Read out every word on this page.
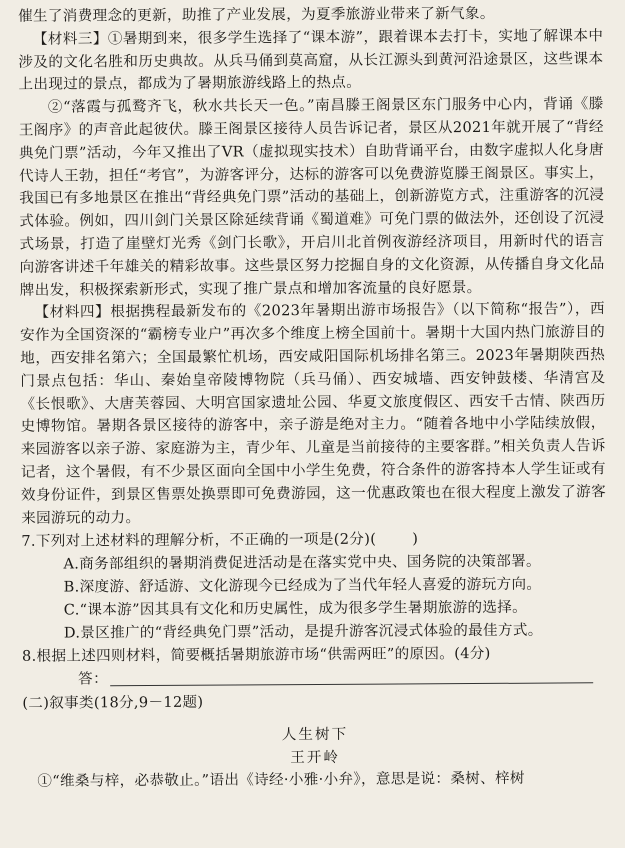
催生了消费理念的更新，助推了产业发展，为夏季旅游业带来了新气象。

【材料三】①暑期到来，很多学生选择了“课本游”，跟着课本去打卡，实地了解课本中涉及的文化名胜和历史典故。从兵马俑到莫高窟，从长江源头到黄河沿途景区，这些课本上出现过的景点，都成为了暑期旅游线路上的热点。

②“落霞与孤鹜齐飞，秋水共长天一色。”南昌滕王阁景区东门服务中心内，背诵《滕王阁序》的声音此起彼伏。滕王阁景区接待人员告诉记者，景区从2021年就开展了“背经典免门票”活动，今年又推出了VR（虚拟现实技术）自助背诵平台，由数字虚拟人化身唐代诗人王勃，担任“考官”，为游客评分，达标的游客可以免费游览滕王阁景区。事实上，我国已有多地景区在推出“背经典免门票”活动的基础上，创新游览方式，注重游客的沉浸式体验。例如，四川剑门关景区除延续背诵《蜀道难》可免门票的做法外，还创设了沉浸式场景，打造了崖壁灯光秀《剑门长歌》，开启川北首例夜游经济项目，用新时代的语言向游客讲述千年雄关的精彩故事。这些景区努力挖掘自身的文化资源，从传播自身文化品牌出发，积极探索新形式，实现了推广景点和增加客流量的良好愿景。

【材料四】根据携程最新发布的《2023年暑期出游市场报告》（以下简称“报告”），西安作为全国资深的“霸榜专业户”再次多个维度上榜全国前十。暑期十大国内热门旅游目的地，西安排名第六；全国最繁忙机场，西安咸阳国际机场排名第三。2023年暑期陕西热门景点包括：华山、秦始皇帝陵博物院（兵马俑）、西安城墙、西安钟鼓楼、华清宫及《长恨歌》、大唐芙蓉园、大明宫国家遗址公园、华夏文旅度假区、西安千古情、陕西历史博物馆。暑期各景区接待的游客中，亲子游是绝对主力。“随着各地中小学陆续放假，来园游客以亲子游、家庭游为主，青少年、儿童是当前接待的主要客群。”相关负责人告诉记者，这个暑假，有不少景区面向全国中小学生免费，符合条件的游客持本人学生证或有效身份证件，到景区售票处换票即可免费游园，这一优惠政策也在很大程度上激发了游客来园游玩的动力。

7.下列对上述材料的理解分析，不正确的一项是(2分)( )

A.商务部组织的暑期消费促进活动是在落实党中央、国务院的决策部署。

B.深度游、舒适游、文化游现今已经成为了当代年轻人喜爱的游玩方向。

C.“课本游”因其具有文化和历史属性，成为很多学生暑期旅游的选择。

D.景区推广的“背经典免门票”活动，是提升游客沉浸式体验的最佳方式。

8.根据上述四则材料，简要概括暑期旅游市场“供需两旺”的原因。(4分)

答：

(二)叙事类(18分,9－12题)

人生树下

王开岭

①“维桑与梓，必恭敬止。”语出《诗经·小雅·小弁》，意思是说：桑树、梓树
